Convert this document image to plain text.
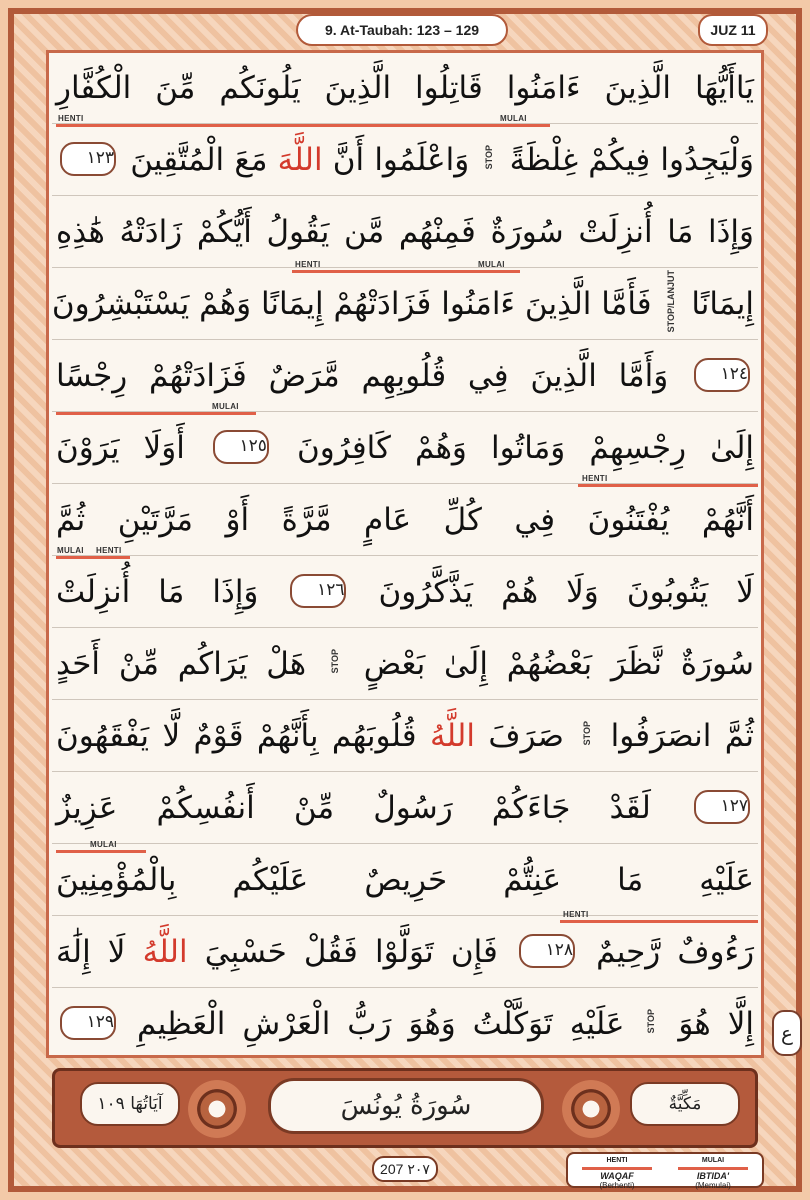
9. At-Taubah: 123 – 129	JUZ 11
يَاأَيُّهَا الَّذِينَ ءَامَنُوا قَاتِلُوا الَّذِينَ يَلُونَكُم مِّنَ الْكُفَّارِ
وَلْيَجِدُوا فِيكُمْ غِلْظَةً STOP وَاعْلَمُوا أَنَّ اللَّهَ مَعَ الْمُتَّقِينَ ١٢٣
وَإِذَا مَا أُنزِلَتْ سُورَةٌ فَمِنْهُم مَّن يَقُولُ أَيُّكُمْ زَادَتْهُ هَٰذِهِ
إِيمَانًا STOP/LANJUT فَأَمَّا الَّذِينَ ءَامَنُوا فَزَادَتْهُمْ إِيمَانًا وَهُمْ يَسْتَبْشِرُونَ
١٢٤ وَأَمَّا الَّذِينَ فِي قُلُوبِهِم مَّرَضٌ فَزَادَتْهُمْ رِجْسًا
إِلَىٰ رِجْسِهِمْ وَمَاتُوا وَهُمْ كَافِرُونَ ١٢٥ أَوَلَا يَرَوْنَ
أَنَّهُمْ يُفْتَنُونَ فِي كُلِّ عَامٍ مَّرَّةً أَوْ مَرَّتَيْنِ ثُمَّ
لَا يَتُوبُونَ وَلَا هُمْ يَذَّكَّرُونَ ١٢٦ وَإِذَا مَا أُنزِلَتْ
سُورَةٌ نَّظَرَ بَعْضُهُمْ إِلَىٰ بَعْضٍ STOP هَلْ يَرَاكُم مِّنْ أَحَدٍ
ثُمَّ انصَرَفُوا STOP صَرَفَ اللَّهُ قُلُوبَهُم بِأَنَّهُمْ قَوْمٌ لَّا يَفْقَهُونَ
١٢٧ لَقَدْ جَاءَكُمْ رَسُولٌ مِّنْ أَنفُسِكُمْ عَزِيزٌ
عَلَيْهِ مَا عَنِتُّمْ حَرِيصٌ عَلَيْكُم بِالْمُؤْمِنِينَ
رَءُوفٌ رَّحِيمٌ ١٢٨ فَإِن تَوَلَّوْا فَقُلْ حَسْبِيَ اللَّهُ لَا إِلَٰهَ
إِلَّا هُوَ STOP عَلَيْهِ تَوَكَّلْتُ وَهُوَ رَبُّ الْعَرْشِ الْعَظِيمِ ١٢٩
HENTI	MULAI
HENTI	MULAI
MULAI
HENTI
MULAI HENTI
MULAI
HENTI
ع
آيَاتُهَا ١٠٩	سُورَةُ يُونُسَ	مَكِّيَّةٌ
207 ٢٠٧	HENTI
WAQAF
(Berhenti)
MULAI
IBTIDA'
(Memulai)
